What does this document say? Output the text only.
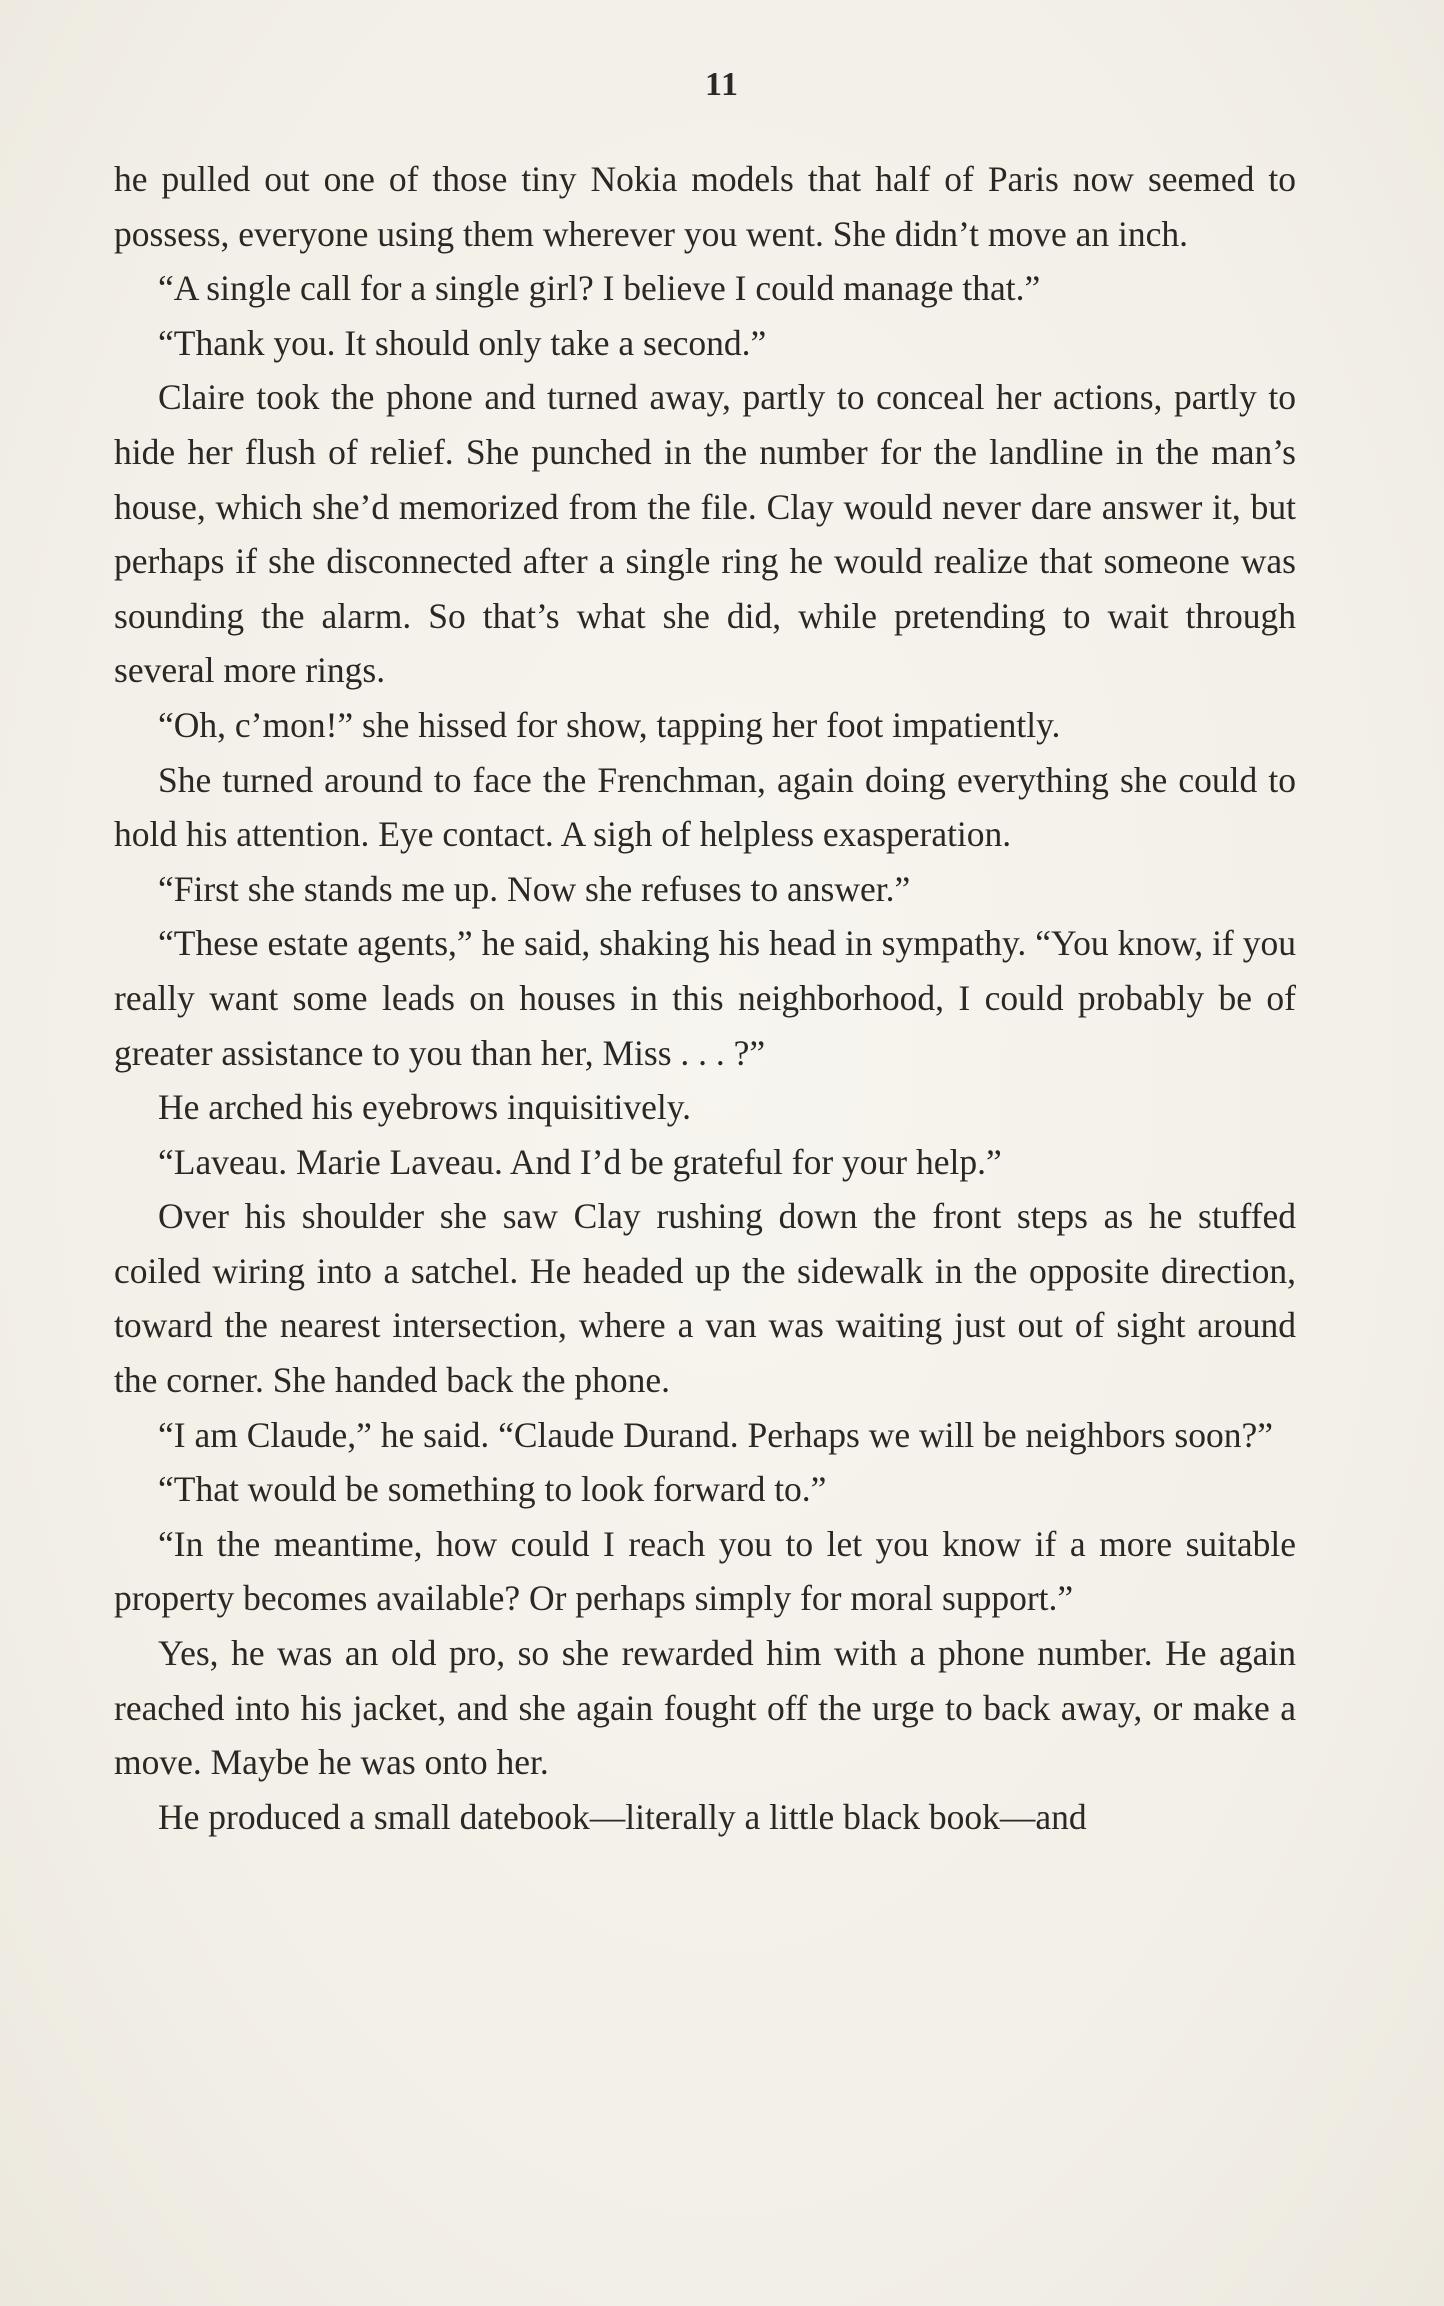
11

he pulled out one of those tiny Nokia models that half of Paris now seemed to possess, everyone using them wherever you went. She didn’t move an inch.

“A single call for a single girl? I believe I could manage that.”

“Thank you. It should only take a second.”

Claire took the phone and turned away, partly to conceal her actions, partly to hide her flush of relief. She punched in the number for the landline in the man’s house, which she’d memorized from the file. Clay would never dare answer it, but perhaps if she disconnected after a single ring he would realize that someone was sounding the alarm. So that’s what she did, while pretending to wait through several more rings.

“Oh, c’mon!” she hissed for show, tapping her foot impatiently.

She turned around to face the Frenchman, again doing everything she could to hold his attention. Eye contact. A sigh of helpless exasperation.

“First she stands me up. Now she refuses to answer.”

“These estate agents,” he said, shaking his head in sympathy. “You know, if you really want some leads on houses in this neighborhood, I could probably be of greater assistance to you than her, Miss . . . ?”

He arched his eyebrows inquisitively.

“Laveau. Marie Laveau. And I’d be grateful for your help.”

Over his shoulder she saw Clay rushing down the front steps as he stuffed coiled wiring into a satchel. He headed up the sidewalk in the opposite direction, toward the nearest intersection, where a van was waiting just out of sight around the corner. She handed back the phone.

“I am Claude,” he said. “Claude Durand. Perhaps we will be neighbors soon?”

“That would be something to look forward to.”

“In the meantime, how could I reach you to let you know if a more suitable property becomes available? Or perhaps simply for moral support.”

Yes, he was an old pro, so she rewarded him with a phone number. He again reached into his jacket, and she again fought off the urge to back away, or make a move. Maybe he was onto her.

He produced a small datebook—literally a little black book—and
